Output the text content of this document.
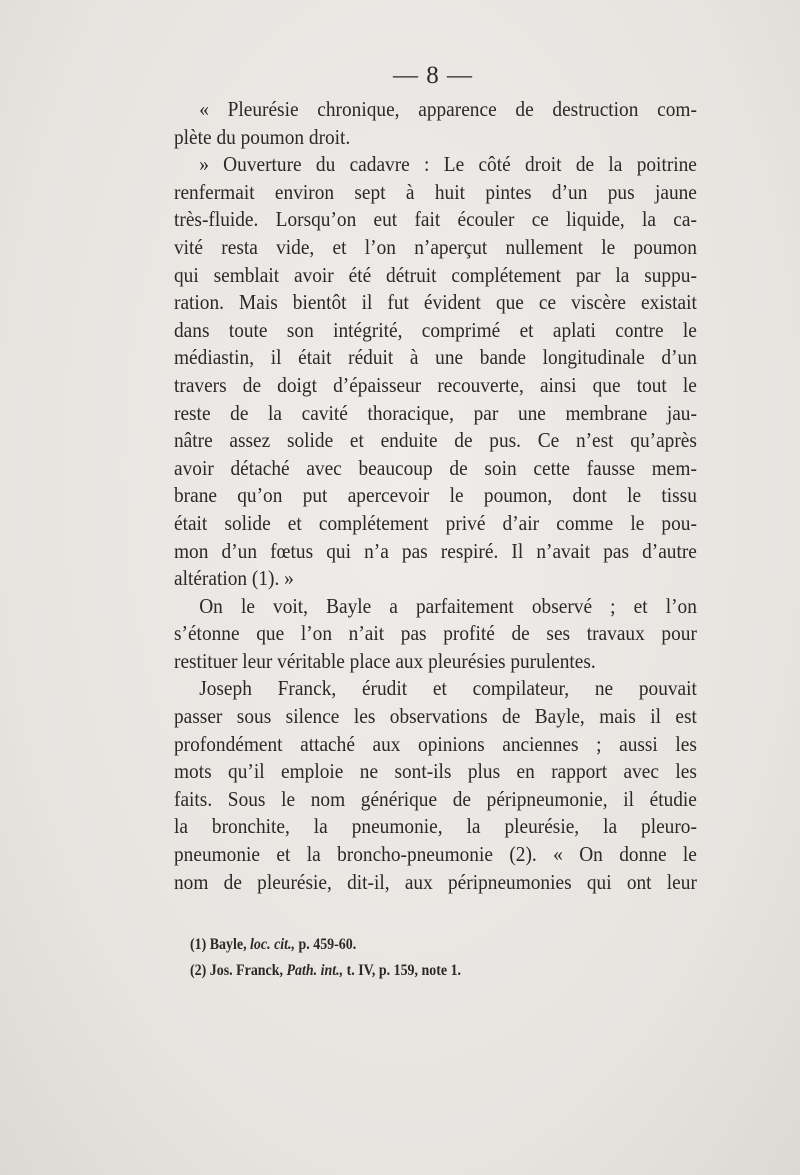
— 8 —
« Pleurésie chronique, apparence de destruction com-
plète du poumon droit.
» Ouverture du cadavre : Le côté droit de la poitrine
renfermait environ sept à huit pintes d’un pus jaune
très-fluide. Lorsqu’on eut fait écouler ce liquide, la ca-
vité resta vide, et l’on n’aperçut nullement le poumon
qui semblait avoir été détruit complétement par la suppu-
ration. Mais bientôt il fut évident que ce viscère existait
dans toute son intégrité, comprimé et aplati contre le
médiastin, il était réduit à une bande longitudinale d’un
travers de doigt d’épaisseur recouverte, ainsi que tout le
reste de la cavité thoracique, par une membrane jau-
nâtre assez solide et enduite de pus. Ce n’est qu’après
avoir détaché avec beaucoup de soin cette fausse mem-
brane qu’on put apercevoir le poumon, dont le tissu
était solide et complétement privé d’air comme le pou-
mon d’un fœtus qui n’a pas respiré. Il n’avait pas d’autre
altération (1). »
On le voit, Bayle a parfaitement observé ; et l’on
s’étonne que l’on n’ait pas profité de ses travaux pour
restituer leur véritable place aux pleurésies purulentes.
Joseph Franck, érudit et compilateur, ne pouvait
passer sous silence les observations de Bayle, mais il est
profondément attaché aux opinions anciennes ; aussi les
mots qu’il emploie ne sont-ils plus en rapport avec les
faits. Sous le nom générique de péripneumonie, il étudie
la bronchite, la pneumonie, la pleurésie, la pleuro-
pneumonie et la broncho-pneumonie (2). « On donne le
nom de pleurésie, dit-il, aux péripneumonies qui ont leur
(1) Bayle, loc. cit., p. 459-60.
(2) Jos. Franck, Path. int., t. IV, p. 159, note 1.
